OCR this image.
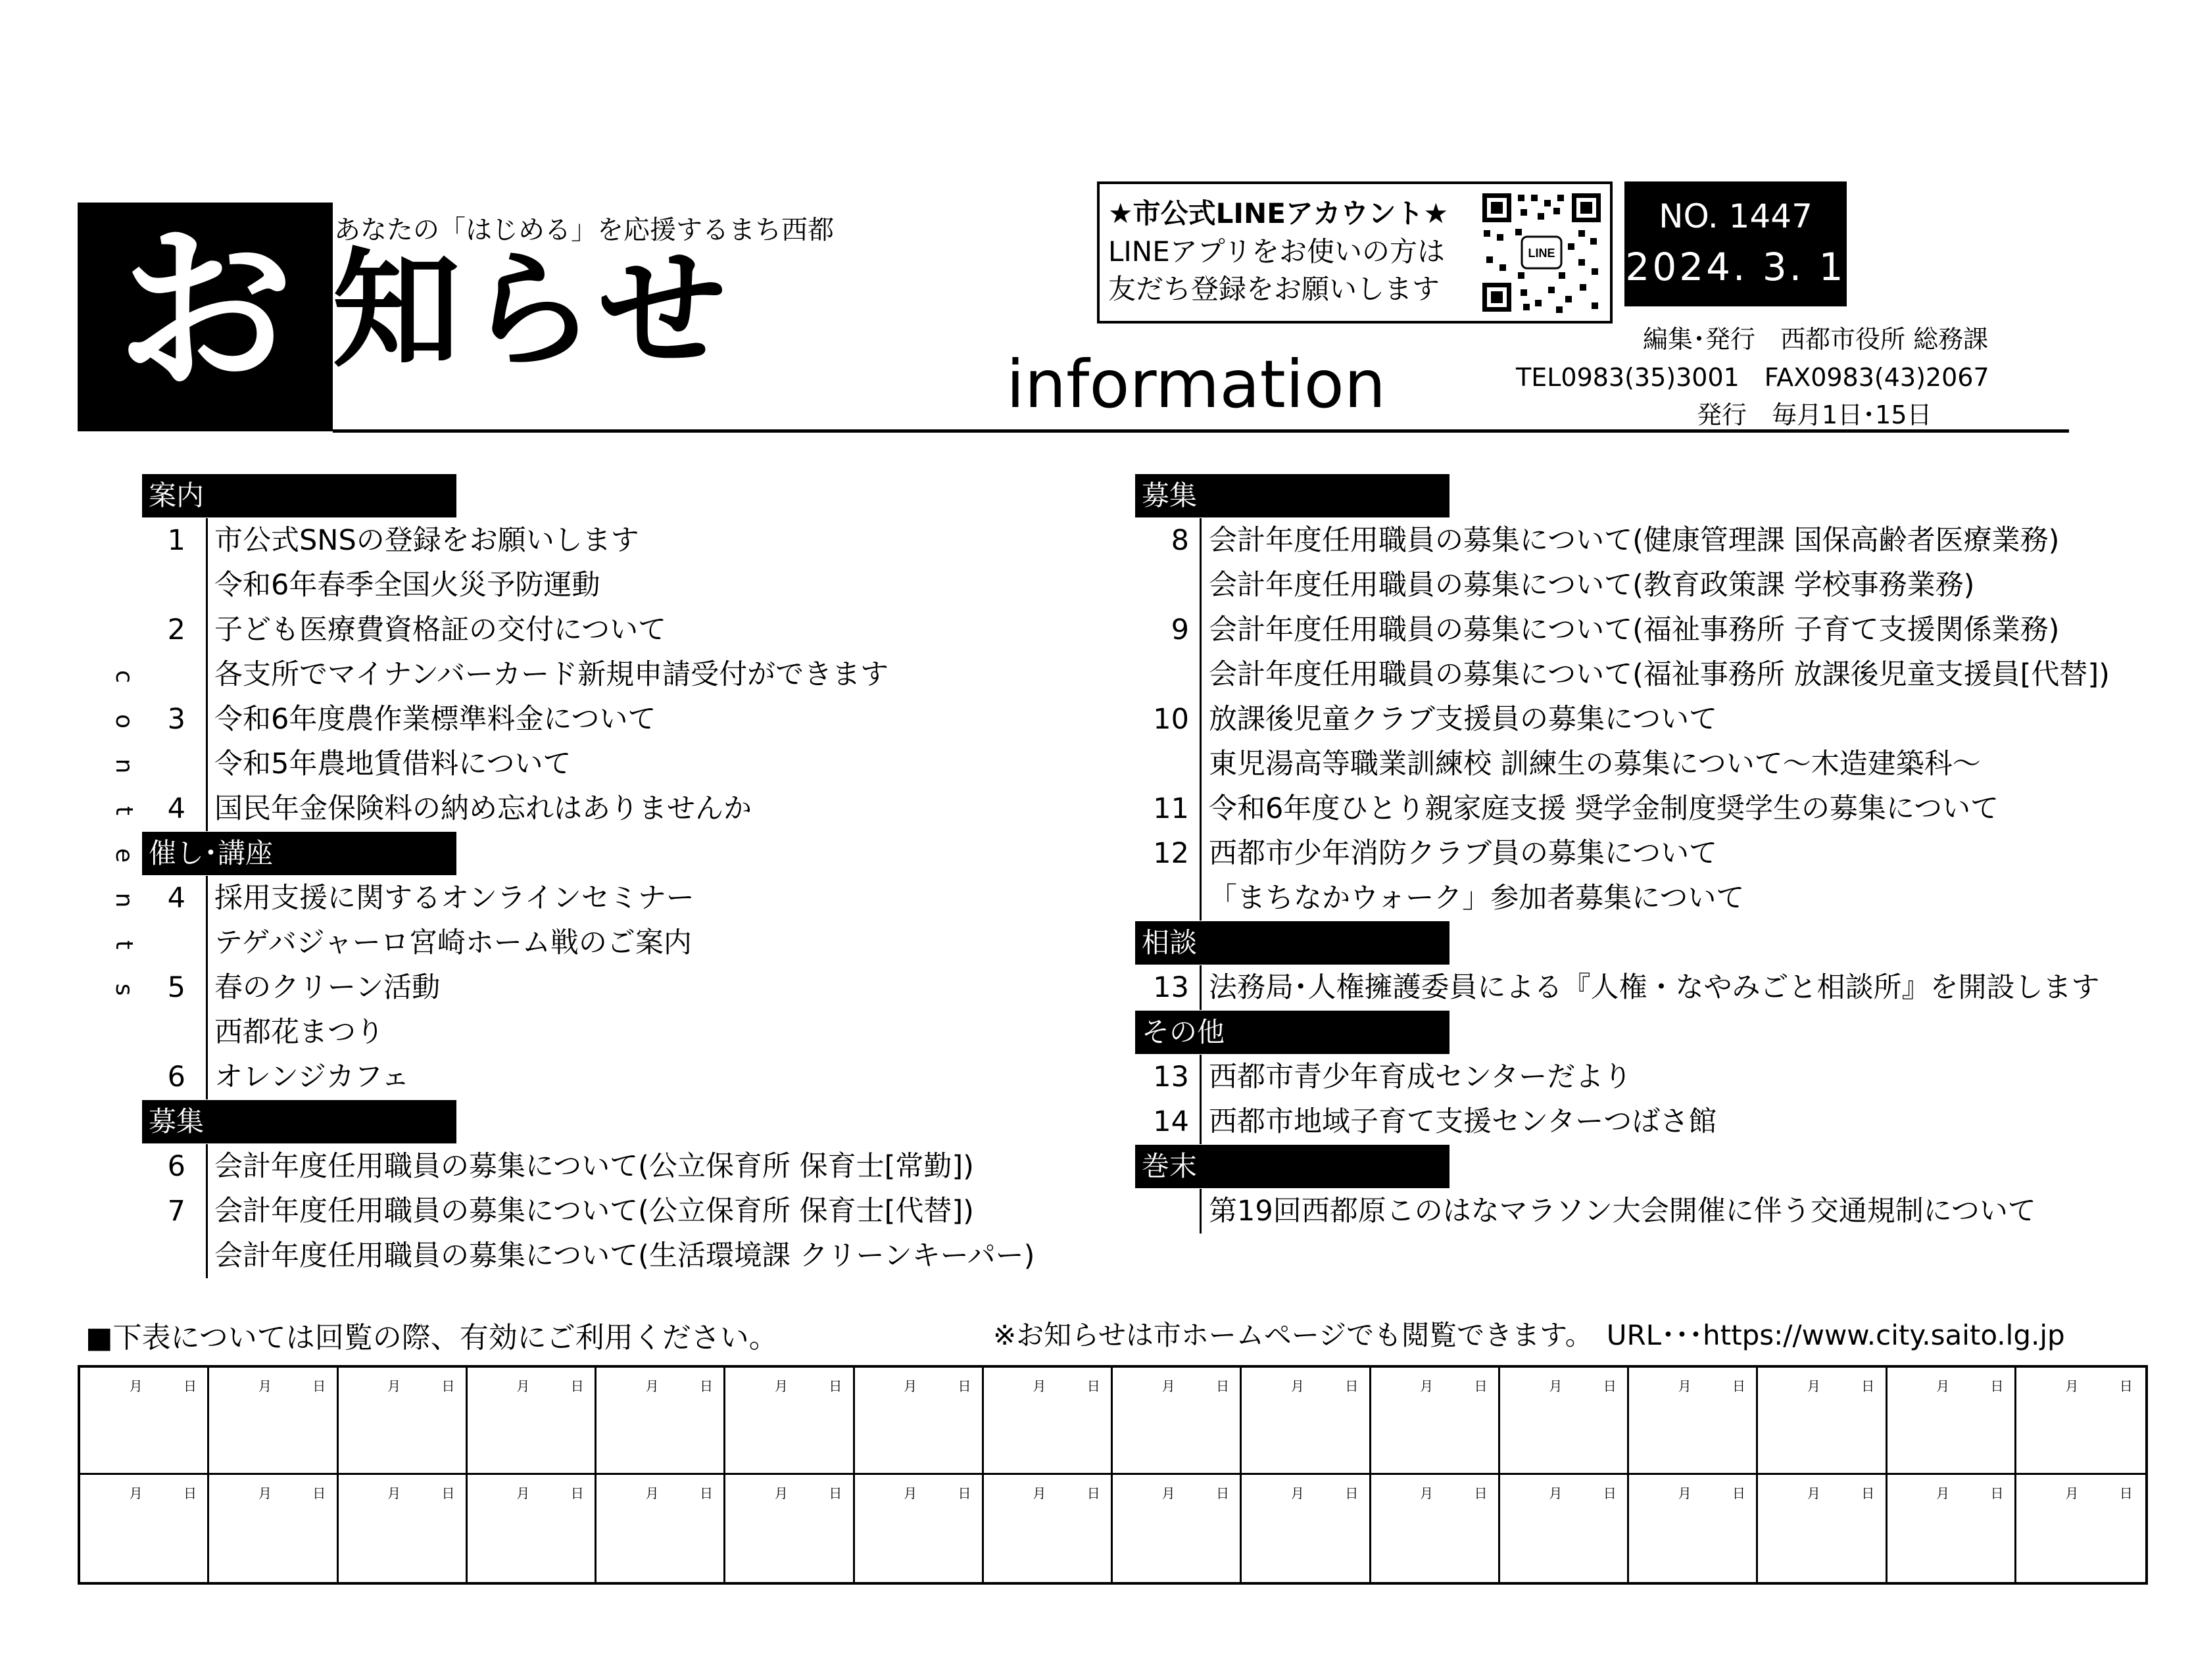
お あなたの「はじめる」を応援するまち西都
知らせ	information
★市公式LINEアカウント★
LINEアプリをお使いの方は
友だち登録をお願いします
LINE
NO. 1447
2024. 3. 1
編集･発行　西都市役所 総務課
TEL0983(35)3001　FAX0983(43)2067
発行　毎月1日･15日
c
o
n
t
e
n
t
s
案内
1 市公式SNSの登録をお願いします
令和6年春季全国火災予防運動
2 子ども医療費資格証の交付について
各支所でマイナンバーカード新規申請受付ができます
3 令和6年度農作業標準料金について
令和5年農地賃借料について
4 国民年金保険料の納め忘れはありませんか
催し･講座
4 採用支援に関するオンラインセミナー
テゲバジャーロ宮崎ホーム戦のご案内
5 春のクリーン活動
西都花まつり
6 オレンジカフェ
募集
6 会計年度任用職員の募集について(公立保育所 保育士[常勤])
7 会計年度任用職員の募集について(公立保育所 保育士[代替])
会計年度任用職員の募集について(生活環境課 クリーンキーパー)
募集
8 会計年度任用職員の募集について(健康管理課 国保高齢者医療業務)
会計年度任用職員の募集について(教育政策課 学校事務業務)
9 会計年度任用職員の募集について(福祉事務所 子育て支援関係業務)
会計年度任用職員の募集について(福祉事務所 放課後児童支援員[代替])
10 放課後児童クラブ支援員の募集について
東児湯高等職業訓練校 訓練生の募集について～木造建築科～
11 令和6年度ひとり親家庭支援 奨学金制度奨学生の募集について
12 西都市少年消防クラブ員の募集について
「まちなかウォーク」参加者募集について
相談
13 法務局･人権擁護委員による『人権・なやみごと相談所』を開設します
その他
13 西都市青少年育成センターだより
14 西都市地域子育て支援センターつばさ館
巻末
第19回西都原このはなマラソン大会開催に伴う交通規制について
■下表については回覧の際、有効にご利用ください。	※お知らせは市ホームページでも閲覧できます。　URL･･･https://www.city.saito.lg.jp
月	日	月	日	月	日	月	日	月	日	月	日	月	日	月	日	月	日	月	日	月	日	月	日	月	日	月	日	月	日	月	日
月	日	月	日	月	日	月	日	月	日	月	日	月	日	月	日	月	日	月	日	月	日	月	日	月	日	月	日	月	日	月	日
